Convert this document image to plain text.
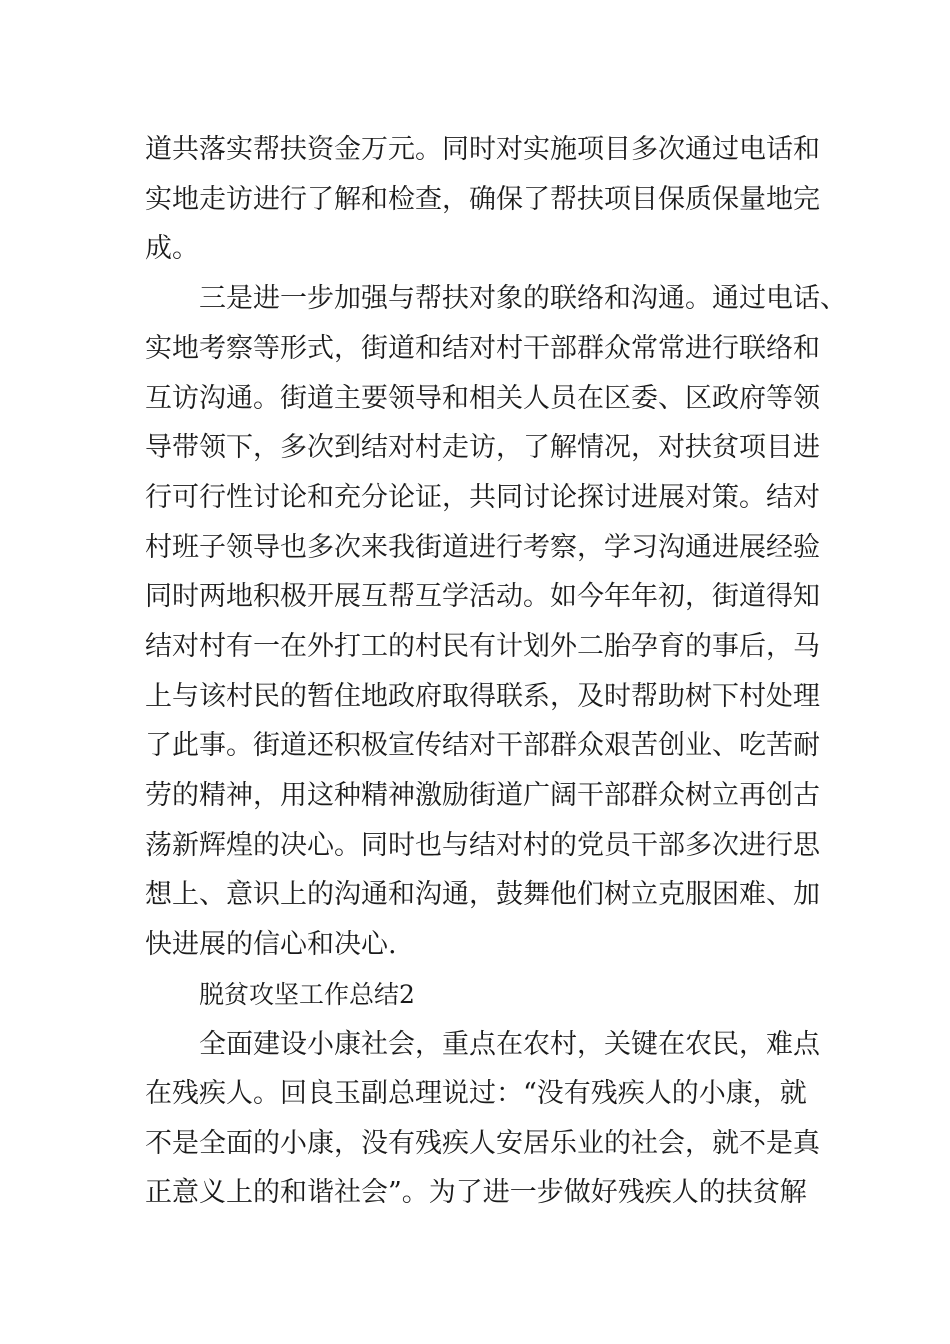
道共落实帮扶资金万元。同时对实施项目多次通过电话和
实地走访进行了解和检查，确保了帮扶项目保质保量地完
成。
三是进一步加强与帮扶对象的联络和沟通。通过电话、
实地考察等形式，街道和结对村干部群众常常进行联络和
互访沟通。街道主要领导和相关人员在区委、区政府等领
导带领下，多次到结对村走访，了解情况，对扶贫项目进
行可行性讨论和充分论证，共同讨论探讨进展对策。结对
村班子领导也多次来我街道进行考察，学习沟通进展经验
同时两地积极开展互帮互学活动。如今年年初，街道得知
结对村有一在外打工的村民有计划外二胎孕育的事后，马
上与该村民的暂住地政府取得联系，及时帮助树下村处理
了此事。街道还积极宣传结对干部群众艰苦创业、吃苦耐
劳的精神，用这种精神激励街道广阔干部群众树立再创古
荡新辉煌的决心。同时也与结对村的党员干部多次进行思
想上、意识上的沟通和沟通，鼓舞他们树立克服困难、加
快进展的信心和决心.
脱贫攻坚工作总结2
全面建设小康社会，重点在农村，关键在农民，难点
在残疾人。回良玉副总理说过：“没有残疾人的小康，就
不是全面的小康，没有残疾人安居乐业的社会，就不是真
正意义上的和谐社会”。为了进一步做好残疾人的扶贫解
